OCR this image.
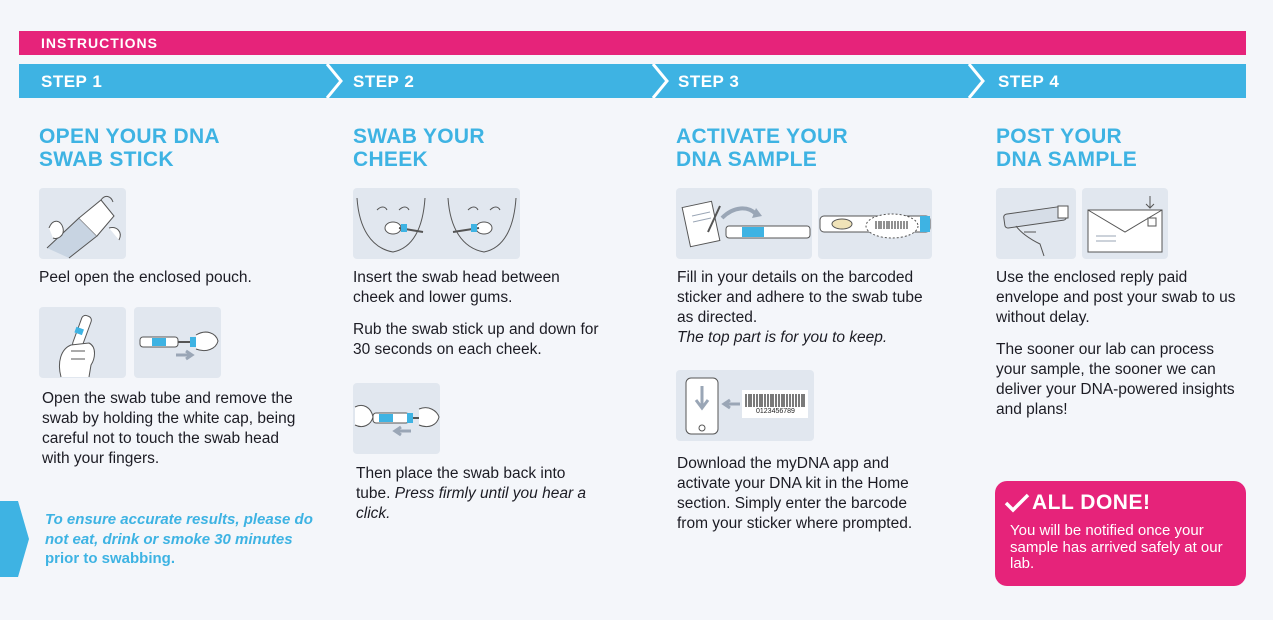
INSTRUCTIONS
STEP 1	STEP 2	STEP 3	STEP 4
OPEN YOUR DNA
SWAB STICK
Peel open the enclosed pouch.
Open the swab tube and remove the swab by holding the white cap, being careful not to touch the swab head with your fingers.
To ensure accurate results, please do not eat, drink or smoke 30 minutes prior to swabbing.
SWAB YOUR
CHEEK
Insert the swab head between cheek and lower gums.
Rub the swab stick up and down for 30 seconds on each cheek.
Then place the swab back into tube. Press firmly until you hear a click.
ACTIVATE YOUR
DNA SAMPLE

Fill in your details on the barcoded sticker and adhere to the swab tube as directed.

The top part is for you to keep.

0123456789
Download the myDNA app and activate your DNA kit in the Home section. Simply enter the barcode from your sticker where prompted.
POST YOUR
DNA SAMPLE
Use the enclosed reply paid envelope and post your swab to us without delay.
The sooner our lab can process your sample, the sooner we can deliver your DNA-powered insights and plans!
ALL DONE!
You will be notified once your sample has arrived safely at our lab.
